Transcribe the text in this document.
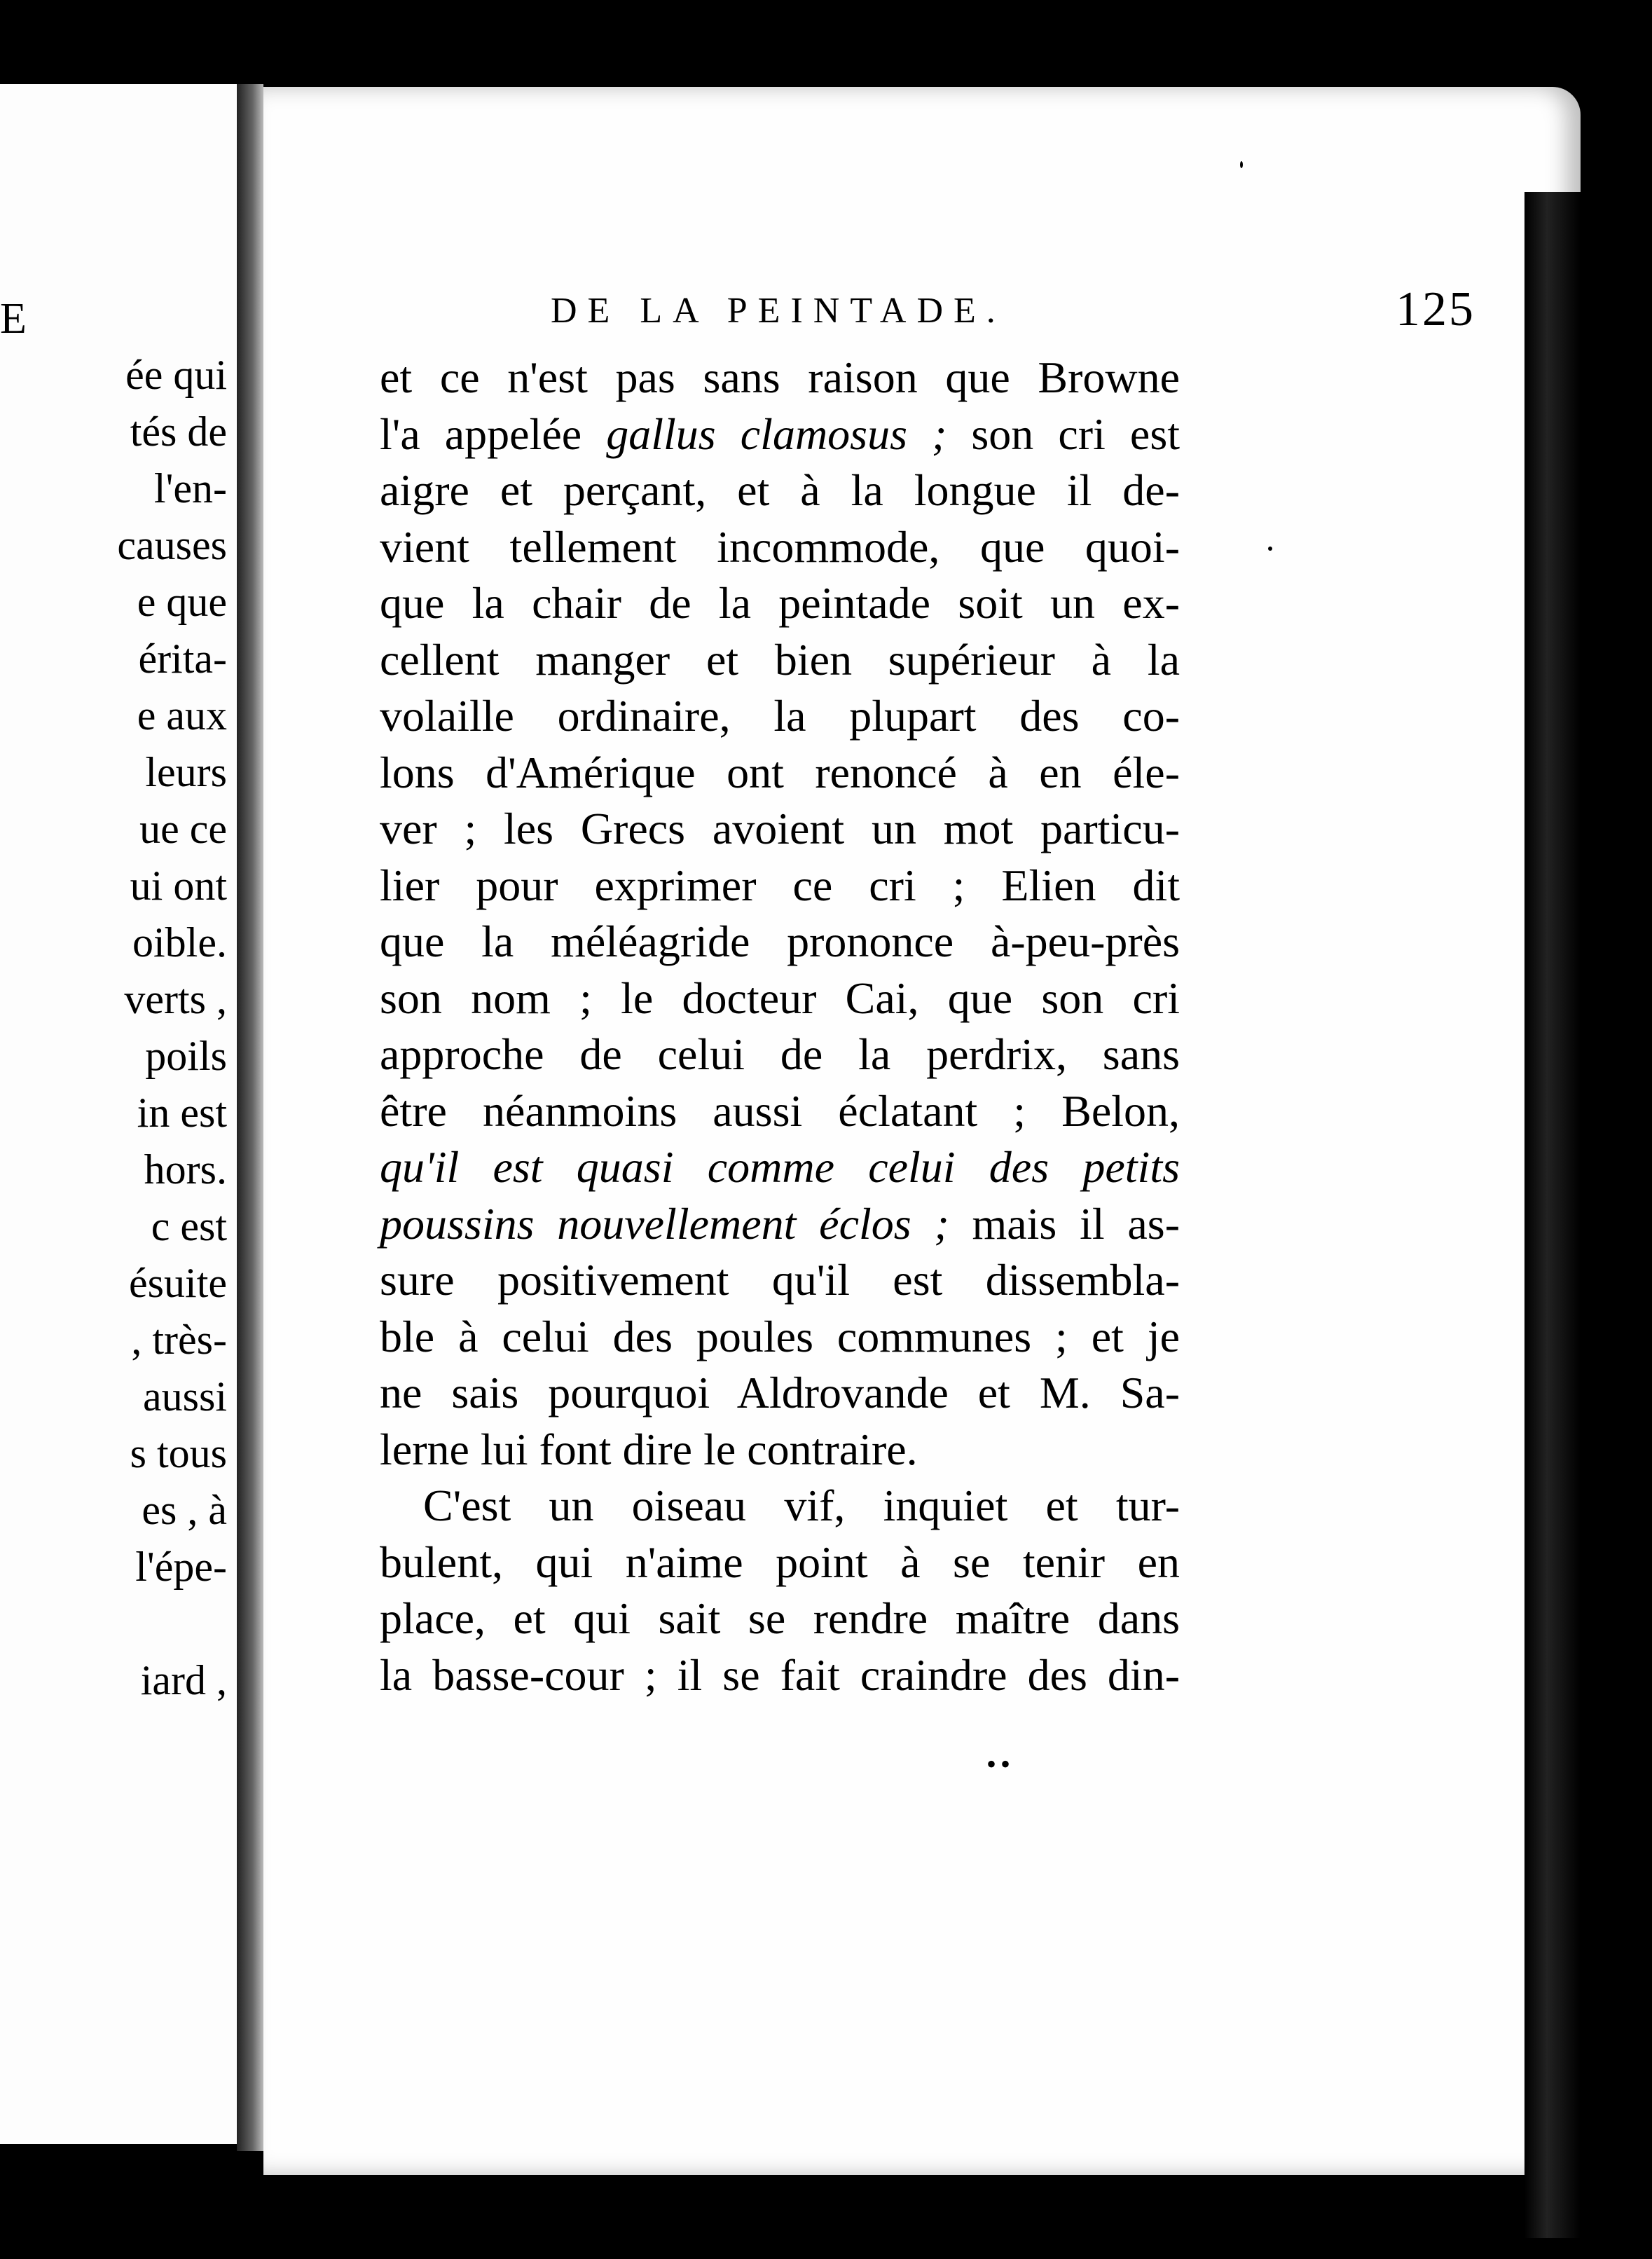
E
ée qui
tés de
l'en-
causes
e que
érita-
e aux
leurs
ue ce
ui ont
oible.
verts ,
poils
in est
hors.
c est
ésuite
, très-
aussi
s tous
es , à
l'épe-
iard ,
DE LA PEINTADE.	125
et ce n'est pas sans raison que Browne
l'a appelée gallus clamosus ; son cri est
aigre et perçant, et à la longue il de-
vient tellement incommode, que quoi-
que la chair de la peintade soit un ex-
cellent manger et bien supérieur à la
volaille ordinaire, la plupart des co-
lons d'Amérique ont renoncé à en éle-
ver ; les Grecs avoient un mot particu-
lier pour exprimer ce cri ; Elien dit
que la méléagride prononce à-peu-près
son nom ; le docteur Cai, que son cri
approche de celui de la perdrix, sans
être néanmoins aussi éclatant ; Belon,
qu'il est quasi comme celui des petits
poussins nouvellement éclos ; mais il as-
sure positivement qu'il est dissembla-
ble à celui des poules communes ; et je
ne sais pourquoi Aldrovande et M. Sa-
lerne lui font dire le contraire.
C'est un oiseau vif, inquiet et tur-
bulent, qui n'aime point à se tenir en
place, et qui sait se rendre maître dans
la basse-cour ; il se fait craindre des din-
••
